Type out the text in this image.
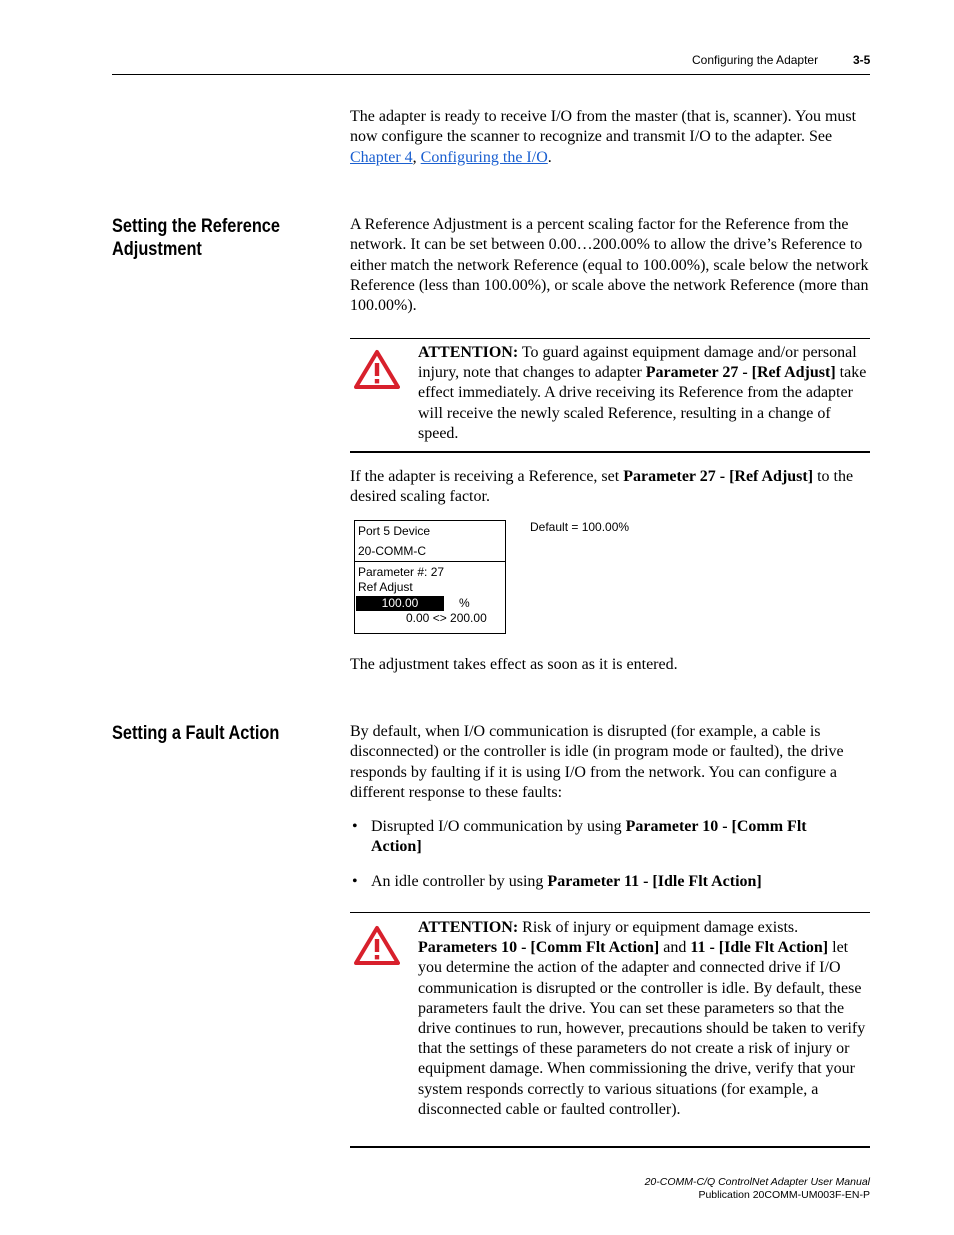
Configuring the Adapter	3-5

The adapter is ready to receive I/O from the master (that is, scanner). You must now configure the scanner to recognize and transmit I/O to the adapter. See Chapter 4, Configuring the I/O.

Setting the Reference Adjustment

A Reference Adjustment is a percent scaling factor for the Reference from the network. It can be set between 0.00…200.00% to allow the drive’s Reference to either match the network Reference (equal to 100.00%), scale below the network Reference (less than 100.00%), or scale above the network Reference (more than 100.00%).

ATTENTION: To guard against equipment damage and/or personal injury, note that changes to adapter Parameter 27 - [Ref Adjust] take effect immediately. A drive receiving its Reference from the adapter will receive the newly scaled Reference, resulting in a change of speed.

If the adapter is receiving a Reference, set Parameter 27 - [Ref Adjust] to the desired scaling factor.

Port 5 Device
20-COMM-C
Parameter #: 27
Ref Adjust
100.00	%
0.00 <> 200.00
Default = 100.00%

The adjustment takes effect as soon as it is entered.

Setting a Fault Action	By default, when I/O communication is disrupted (for example, a cable is disconnected) or the controller is idle (in program mode or faulted), the drive responds by faulting if it is using I/O from the network. You can configure a different response to these faults:

• Disrupted I/O communication by using Parameter 10 - [Comm Flt Action]
• An idle controller by using Parameter 11 - [Idle Flt Action]

ATTENTION: Risk of injury or equipment damage exists. Parameters 10 - [Comm Flt Action] and 11 - [Idle Flt Action] let you determine the action of the adapter and connected drive if I/O communication is disrupted or the controller is idle. By default, these parameters fault the drive. You can set these parameters so that the drive continues to run, however, precautions should be taken to verify that the settings of these parameters do not create a risk of injury or equipment damage. When commissioning the drive, verify that your system responds correctly to various situations (for example, a disconnected cable or faulted controller).

20-COMM-C/Q ControlNet Adapter User Manual
Publication 20COMM-UM003F-EN-P
